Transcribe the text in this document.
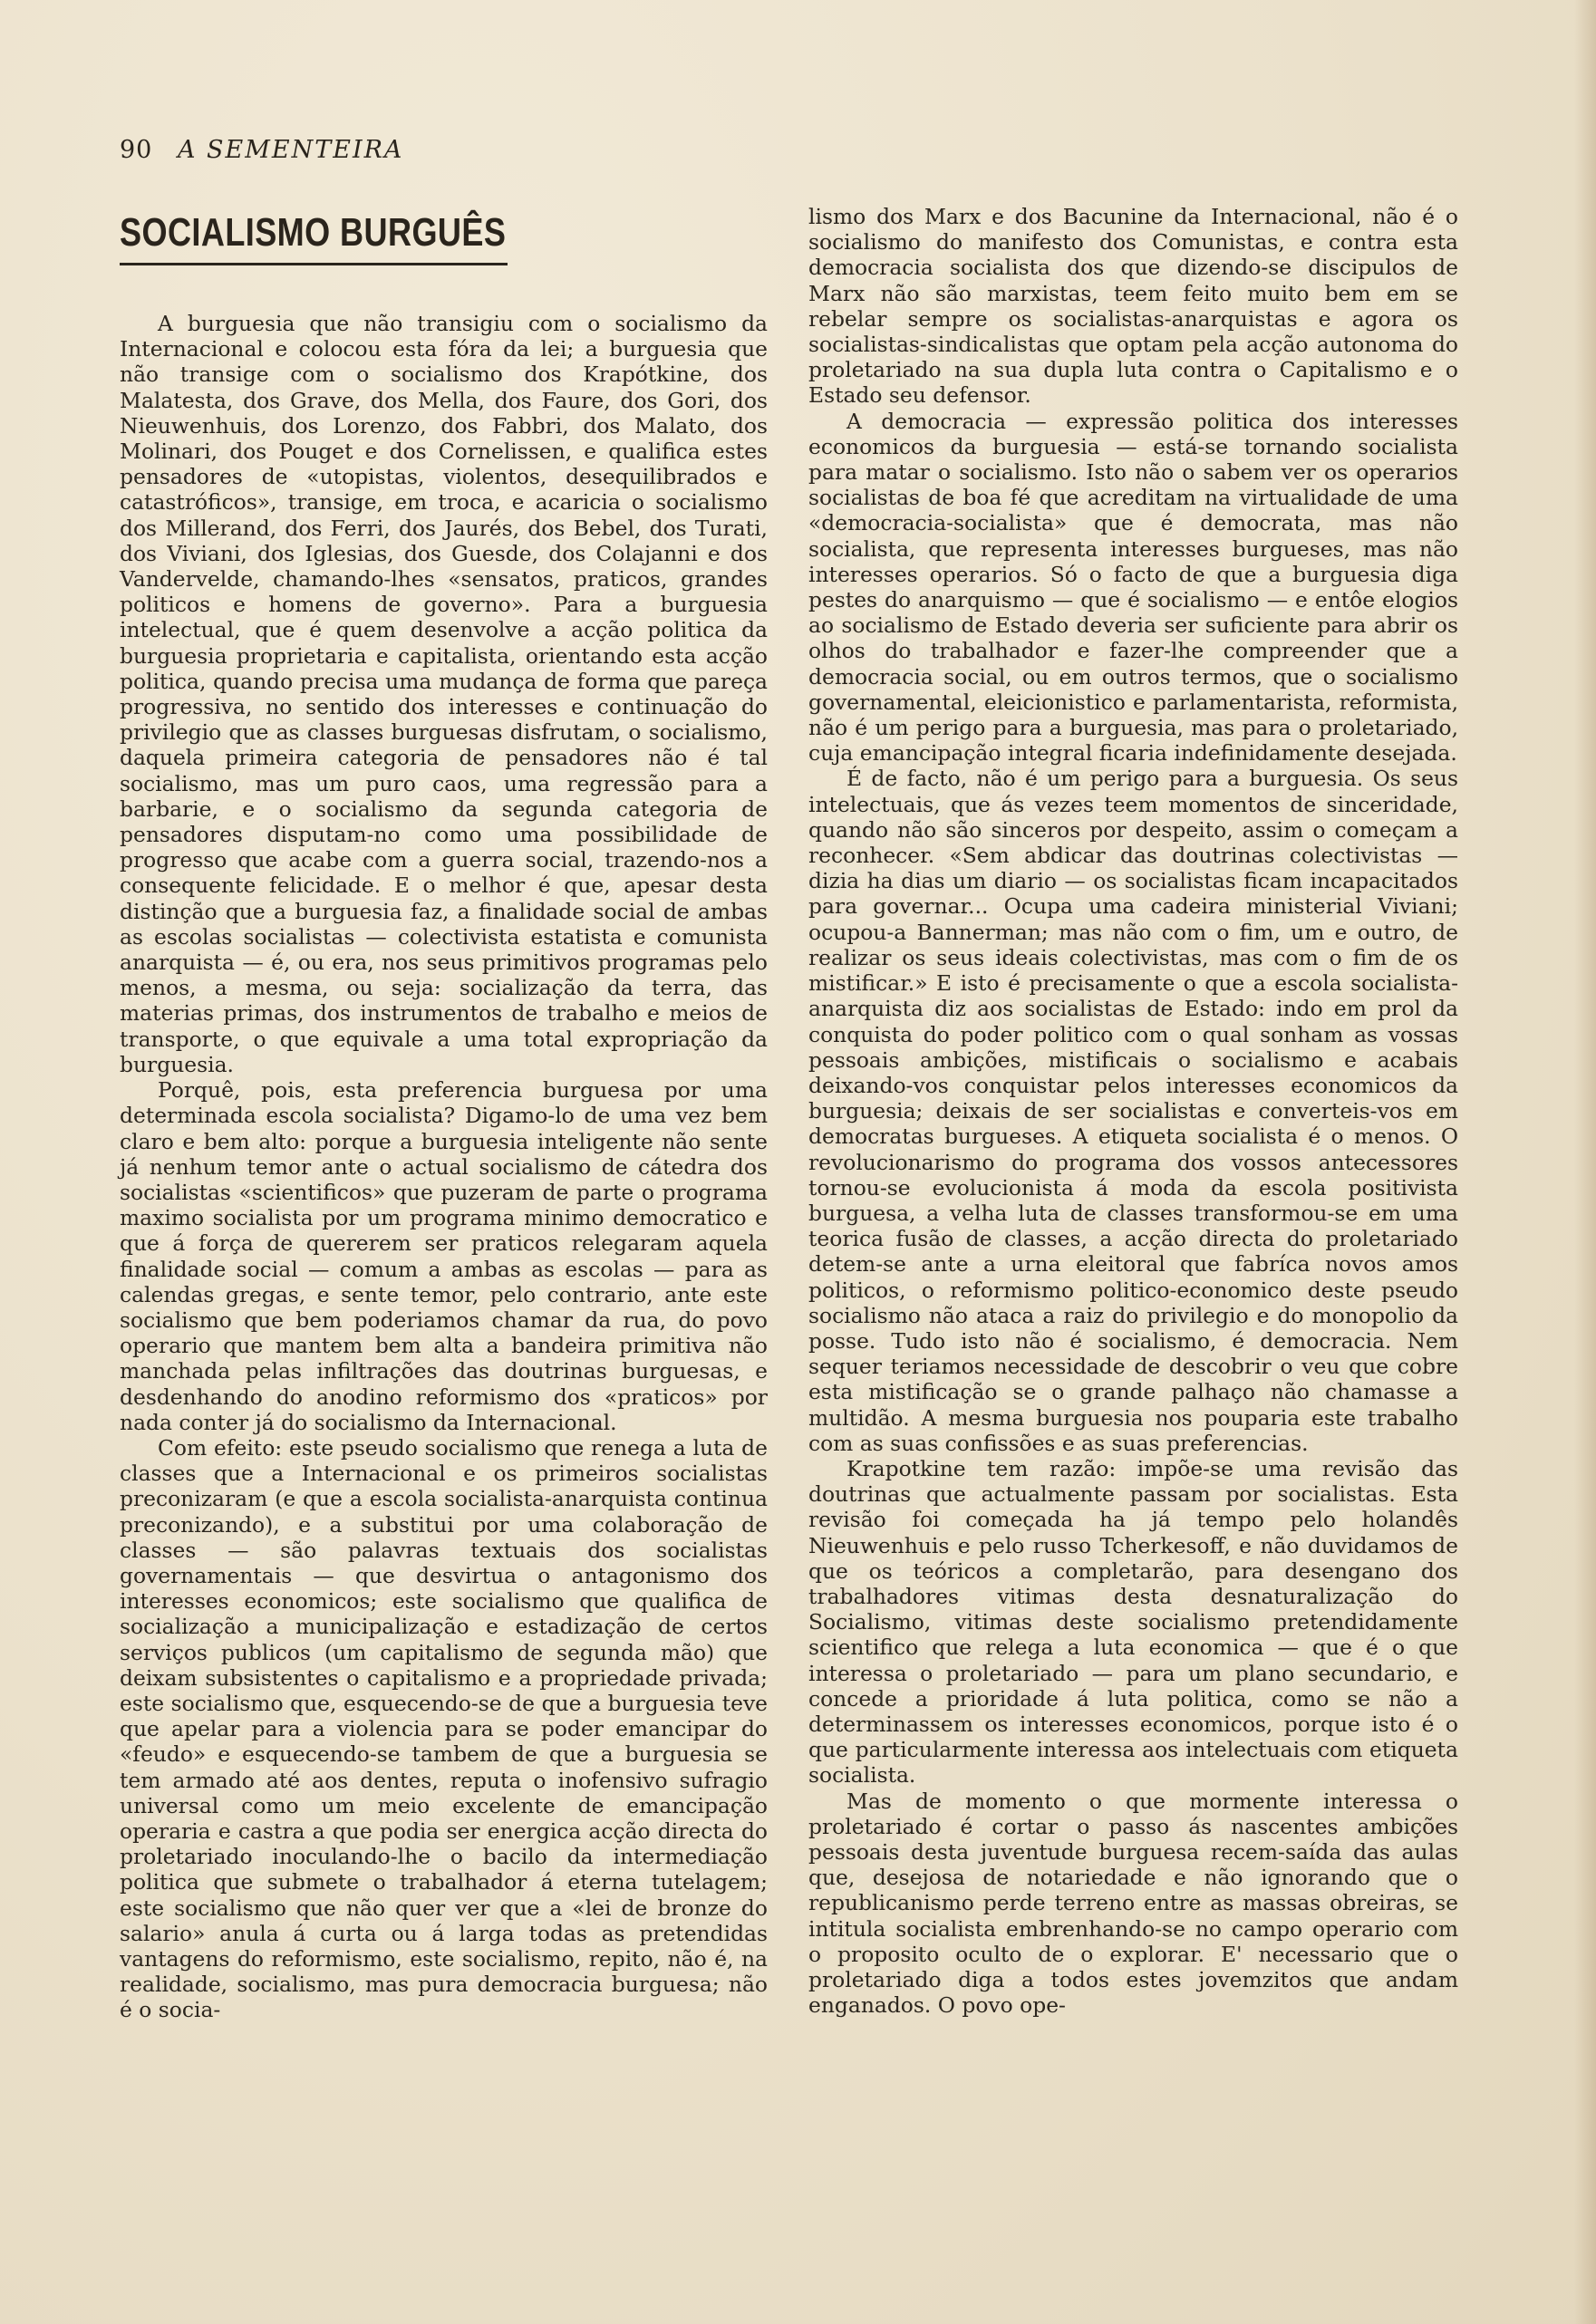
90 A SEMENTEIRA
SOCIALISMO BURGUÊS

A burguesia que não transigiu com o socialismo da Internacional e colocou esta fóra da lei; a burguesia que não transige com o socialismo dos Krapótkine, dos Malatesta, dos Grave, dos Mella, dos Faure, dos Gori, dos Nieuwenhuis, dos Lorenzo, dos Fabbri, dos Malato, dos Molinari, dos Pouget e dos Cornelissen, e qualifica estes pensadores de «utopistas, violentos, desequilibrados e catastróficos», transige, em troca, e acaricia o socialismo dos Millerand, dos Ferri, dos Jaurés, dos Bebel, dos Turati, dos Viviani, dos Iglesias, dos Guesde, dos Colajanni e dos Vandervelde, chamando-lhes «sensatos, praticos, grandes politicos e homens de governo». Para a burguesia intelectual, que é quem desenvolve a acção politica da burguesia proprietaria e capitalista, orientando esta acção politica, quando precisa uma mudança de forma que pareça progressiva, no sentido dos interesses e continuação do privilegio que as classes burguesas disfrutam, o socialismo, daquela primeira categoria de pensadores não é tal socialismo, mas um puro caos, uma regressão para a barbarie, e o socialismo da segunda categoria de pensadores disputam-no como uma possibilidade de progresso que acabe com a guerra social, trazendo-nos a consequente felicidade. E o melhor é que, apesar desta distinção que a burguesia faz, a finalidade social de ambas as escolas socialistas — colectivista estatista e comunista anarquista — é, ou era, nos seus primitivos programas pelo menos, a mesma, ou seja: socialização da terra, das materias primas, dos instrumentos de trabalho e meios de transporte, o que equivale a uma total expropriação da burguesia.

Porquê, pois, esta preferencia burguesa por uma determinada escola socialista? Digamo-lo de uma vez bem claro e bem alto: porque a burguesia inteligente não sente já nenhum temor ante o actual socialismo de cátedra dos socialistas «scientificos» que puzeram de parte o programa maximo socialista por um programa minimo democratico e que á força de quererem ser praticos relegaram aquela finalidade social — comum a ambas as escolas — para as calendas gregas, e sente temor, pelo contrario, ante este socialismo que bem poderiamos chamar da rua, do povo operario que mantem bem alta a bandeira primitiva não manchada pelas infiltrações das doutrinas burguesas, e desdenhando do anodino reformismo dos «praticos» por nada conter já do socialismo da Internacional.

Com efeito: este pseudo socialismo que renega a luta de classes que a Internacional e os primeiros socialistas preconizaram (e que a escola socialista-anarquista continua preconizando), e a substitui por uma colaboração de classes — são palavras textuais dos socialistas governamentais — que desvirtua o antagonismo dos interesses economicos; este socialismo que qualifica de socialização a municipalização e estadização de certos serviços publicos (um capitalismo de segunda mão) que deixam subsistentes o capitalismo e a propriedade privada; este socialismo que, esquecendo-se de que a burguesia teve que apelar para a violencia para se poder emancipar do «feudo» e esquecendo-se tambem de que a burguesia se tem armado até aos dentes, reputa o inofensivo sufragio universal como um meio excelente de emancipação operaria e castra a que podia ser energica acção directa do proletariado inoculando-lhe o bacilo da intermediação politica que submete o trabalhador á eterna tutelagem; este socialismo que não quer ver que a «lei de bronze do salario» anula á curta ou á larga todas as pretendidas vantagens do reformismo, este socialismo, repito, não é, na realidade, socialismo, mas pura democracia burguesa; não é o socia-

lismo dos Marx e dos Bacunine da Internacional, não é o socialismo do manifesto dos Comunistas, e contra esta democracia socialista dos que dizendo-se discipulos de Marx não são marxistas, teem feito muito bem em se rebelar sempre os socialistas-anarquistas e agora os socialistas-sindicalistas que optam pela acção autonoma do proletariado na sua dupla luta contra o Capitalismo e o Estado seu defensor.

A democracia — expressão politica dos interesses economicos da burguesia — está-se tornando socialista para matar o socialismo. Isto não o sabem ver os operarios socialistas de boa fé que acreditam na virtualidade de uma «democracia-socialista» que é democrata, mas não socialista, que representa interesses burgueses, mas não interesses operarios. Só o facto de que a burguesia diga pestes do anarquismo — que é socialismo — e entôe elogios ao socialismo de Estado deveria ser suficiente para abrir os olhos do trabalhador e fazer-lhe compreender que a democracia social, ou em outros termos, que o socialismo governamental, eleicionistico e parlamentarista, reformista, não é um perigo para a burguesia, mas para o proletariado, cuja emancipação integral ficaria indefinidamente desejada.

É de facto, não é um perigo para a burguesia. Os seus intelectuais, que ás vezes teem momentos de sinceridade, quando não são sinceros por despeito, assim o começam a reconhecer. «Sem abdicar das doutrinas colectivistas — dizia ha dias um diario — os socialistas ficam incapacitados para governar... Ocupa uma cadeira ministerial Viviani; ocupou-a Bannerman; mas não com o fim, um e outro, de realizar os seus ideais colectivistas, mas com o fim de os mistificar.» E isto é precisamente o que a escola socialista-anarquista diz aos socialistas de Estado: indo em prol da conquista do poder politico com o qual sonham as vossas pessoais ambições, mistificais o socialismo e acabais deixando-vos conquistar pelos interesses economicos da burguesia; deixais de ser socialistas e converteis-vos em democratas burgueses. A etiqueta socialista é o menos. O revolucionarismo do programa dos vossos antecessores tornou-se evolucionista á moda da escola positivista burguesa, a velha luta de classes transformou-se em uma teorica fusão de classes, a acção directa do proletariado detem-se ante a urna eleitoral que fabríca novos amos politicos, o reformismo politico-economico deste pseudo socialismo não ataca a raiz do privilegio e do monopolio da posse. Tudo isto não é socialismo, é democracia. Nem sequer teriamos necessidade de descobrir o veu que cobre esta mistificação se o grande palhaço não chamasse a multidão. A mesma burguesia nos pouparia este trabalho com as suas confissões e as suas preferencias.

Krapotkine tem razão: impõe-se uma revisão das doutrinas que actualmente passam por socialistas. Esta revisão foi começada ha já tempo pelo holandês Nieuwenhuis e pelo russo Tcherkesoff, e não duvidamos de que os teóricos a completarão, para desengano dos trabalhadores vitimas desta desnaturalização do Socialismo, vitimas deste socialismo pretendidamente scientifico que relega a luta economica — que é o que interessa o proletariado — para um plano secundario, e concede a prioridade á luta politica, como se não a determinassem os interesses economicos, porque isto é o que particularmente interessa aos intelectuais com etiqueta socialista.

Mas de momento o que mormente interessa o proletariado é cortar o passo ás nascentes ambições pessoais desta juventude burguesa recem-saída das aulas que, desejosa de notariedade e não ignorando que o republicanismo perde terreno entre as massas obreiras, se intitula socialista embrenhando-se no campo operario com o proposito oculto de o explorar. E' necessario que o proletariado diga a todos estes jovemzitos que andam enganados. O povo ope-
